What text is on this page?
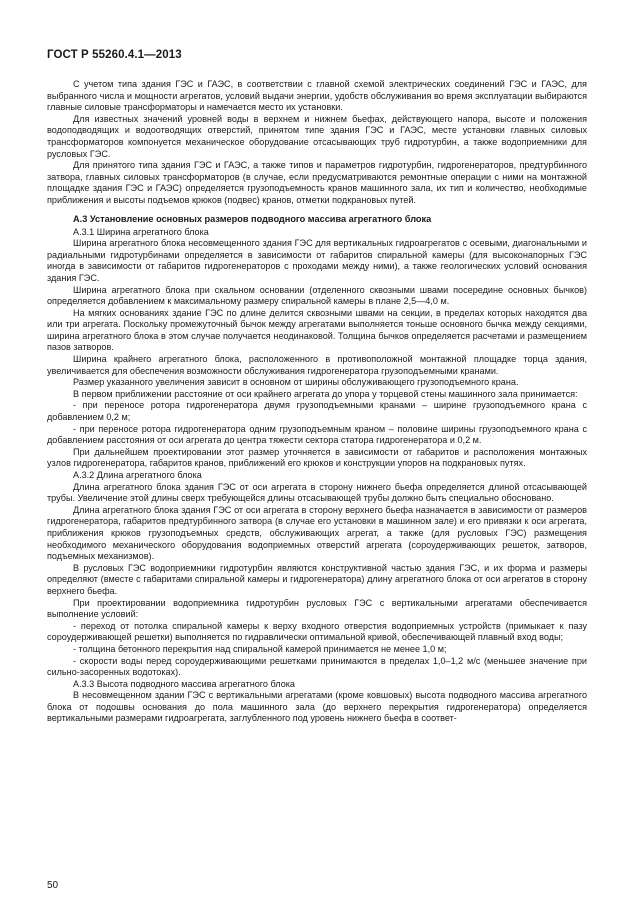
ГОСТ Р 55260.4.1—2013

С учетом типа здания ГЭС и ГАЭС, в соответствии с главной схемой электрических соединений ГЭС и ГАЭС, для выбранного числа и мощности агрегатов, условий выдачи энергии, удобств обслуживания во время эксплуатации выбираются главные силовые трансформаторы и намечается место их установки.

Для известных значений уровней воды в верхнем и нижнем бьефах, действующего напора, высоте и положения водоподводящих и водоотводящих отверстий, принятом типе здания ГЭС и ГАЭС, месте установки главных силовых трансформаторов компонуется механическое оборудование отсасывающих труб гидротурбин, а также водоприемники для русловых ГЭС.

Для принятого типа здания ГЭС и ГАЭС, а также типов и параметров гидротурбин, гидрогенераторов, предтурбинного затвора, главных силовых трансформаторов (в случае, если предусматриваются ремонтные операции с ними на монтажной площадке здания ГЭС и ГАЭС) определяется грузоподъемность кранов машинного зала, их тип и количество, необходимые приближения и высоты подъемов крюков (подвес) кранов, отметки подкрановых путей.

А.3 Установление основных размеров подводного массива агрегатного блока

А.3.1 Ширина агрегатного блока

Ширина агрегатного блока несовмещенного здания ГЭС для вертикальных гидроагрегатов с осевыми, диагональными и радиальными гидротурбинами определяется в зависимости от габаритов спиральной камеры (для высоконапорных ГЭС иногда в зависимости от габаритов гидрогенераторов с проходами между ними), а также геологических условий основания здания ГЭС.

Ширина агрегатного блока при скальном основании (отделенного сквозными швами посередине основных бычков) определяется добавлением к максимальному размеру спиральной камеры в плане 2,5—4,0 м.

На мягких основаниях здание ГЭС по длине делится сквозными швами на секции, в пределах которых находятся два или три агрегата. Поскольку промежуточный бычок между агрегатами выполняется тоньше основного бычка между секциями, ширина агрегатного блока в этом случае получается неодинаковой. Толщина бычков определяется расчетами и размещением пазов затворов.

Ширина крайнего агрегатного блока, расположенного в противоположной монтажной площадке торца здания, увеличивается для обеспечения возможности обслуживания гидрогенератора грузоподъемными кранами.

Размер указанного увеличения зависит в основном от ширины обслуживающего грузоподъемного крана.

В первом приближении расстояние от оси крайнего агрегата до упора у торцевой стены машинного зала принимается:

- при переносе ротора гидрогенератора двумя грузоподъемными кранами – ширине грузоподъемного крана с добавлением 0,2 м;

- при переносе ротора гидрогенератора одним грузоподъемным краном – половине ширины грузоподъемного крана с добавлением расстояния от оси агрегата до центра тяжести сектора статора гидрогенератора и 0,2 м.

При дальнейшем проектировании этот размер уточняется в зависимости от габаритов и расположения монтажных узлов гидрогенератора, габаритов кранов, приближений его крюков и конструкции упоров на подкрановых путях.

А.3.2 Длина агрегатного блока

Длина агрегатного блока здания ГЭС от оси агрегата в сторону нижнего бьефа определяется длиной отсасывающей трубы. Увеличение этой длины сверх требующейся длины отсасывающей трубы должно быть специально обосновано.

Длина агрегатного блока здания ГЭС от оси агрегата в сторону верхнего бьефа назначается в зависимости от размеров гидрогенератора, габаритов предтурбинного затвора (в случае его установки в машинном зале) и его привязки к оси агрегата, приближения крюков грузоподъемных средств, обслуживающих агрегат, а также (для русловых ГЭС) размещения необходимого механического оборудования водоприемных отверстий агрегата (сороудерживающих решеток, затворов, подъемных механизмов).

В русловых ГЭС водоприемники гидротурбин являются конструктивной частью здания ГЭС, и их форма и размеры определяют (вместе с габаритами спиральной камеры и гидрогенератора) длину агрегатного блока от оси агрегатов в сторону верхнего бьефа.

При проектировании водоприемника гидротурбин русловых ГЭС с вертикальными агрегатами обеспечивается выполнение условий:

- переход от потолка спиральной камеры к верху входного отверстия водоприемных устройств (примыкает к пазу сороудерживающей решетки) выполняется по гидравлически оптимальной кривой, обеспечивающей плавный вход воды;

- толщина бетонного перекрытия над спиральной камерой принимается не менее 1,0 м;

- скорости воды перед сороудерживающими решетками принимаются в пределах 1,0–1,2 м/с (меньшее значение при сильно-засоренных водотоках).

А.3.3 Высота подводного массива агрегатного блока

В несовмещенном здании ГЭС с вертикальными агрегатами (кроме ковшовых) высота подводного массива агрегатного блока от подошвы основания до пола машинного зала (до верхнего перекрытия гидрогенератора) определяется вертикальными размерами гидроагрегата, заглубленного под уровень нижнего бьефа в соответ-

50
